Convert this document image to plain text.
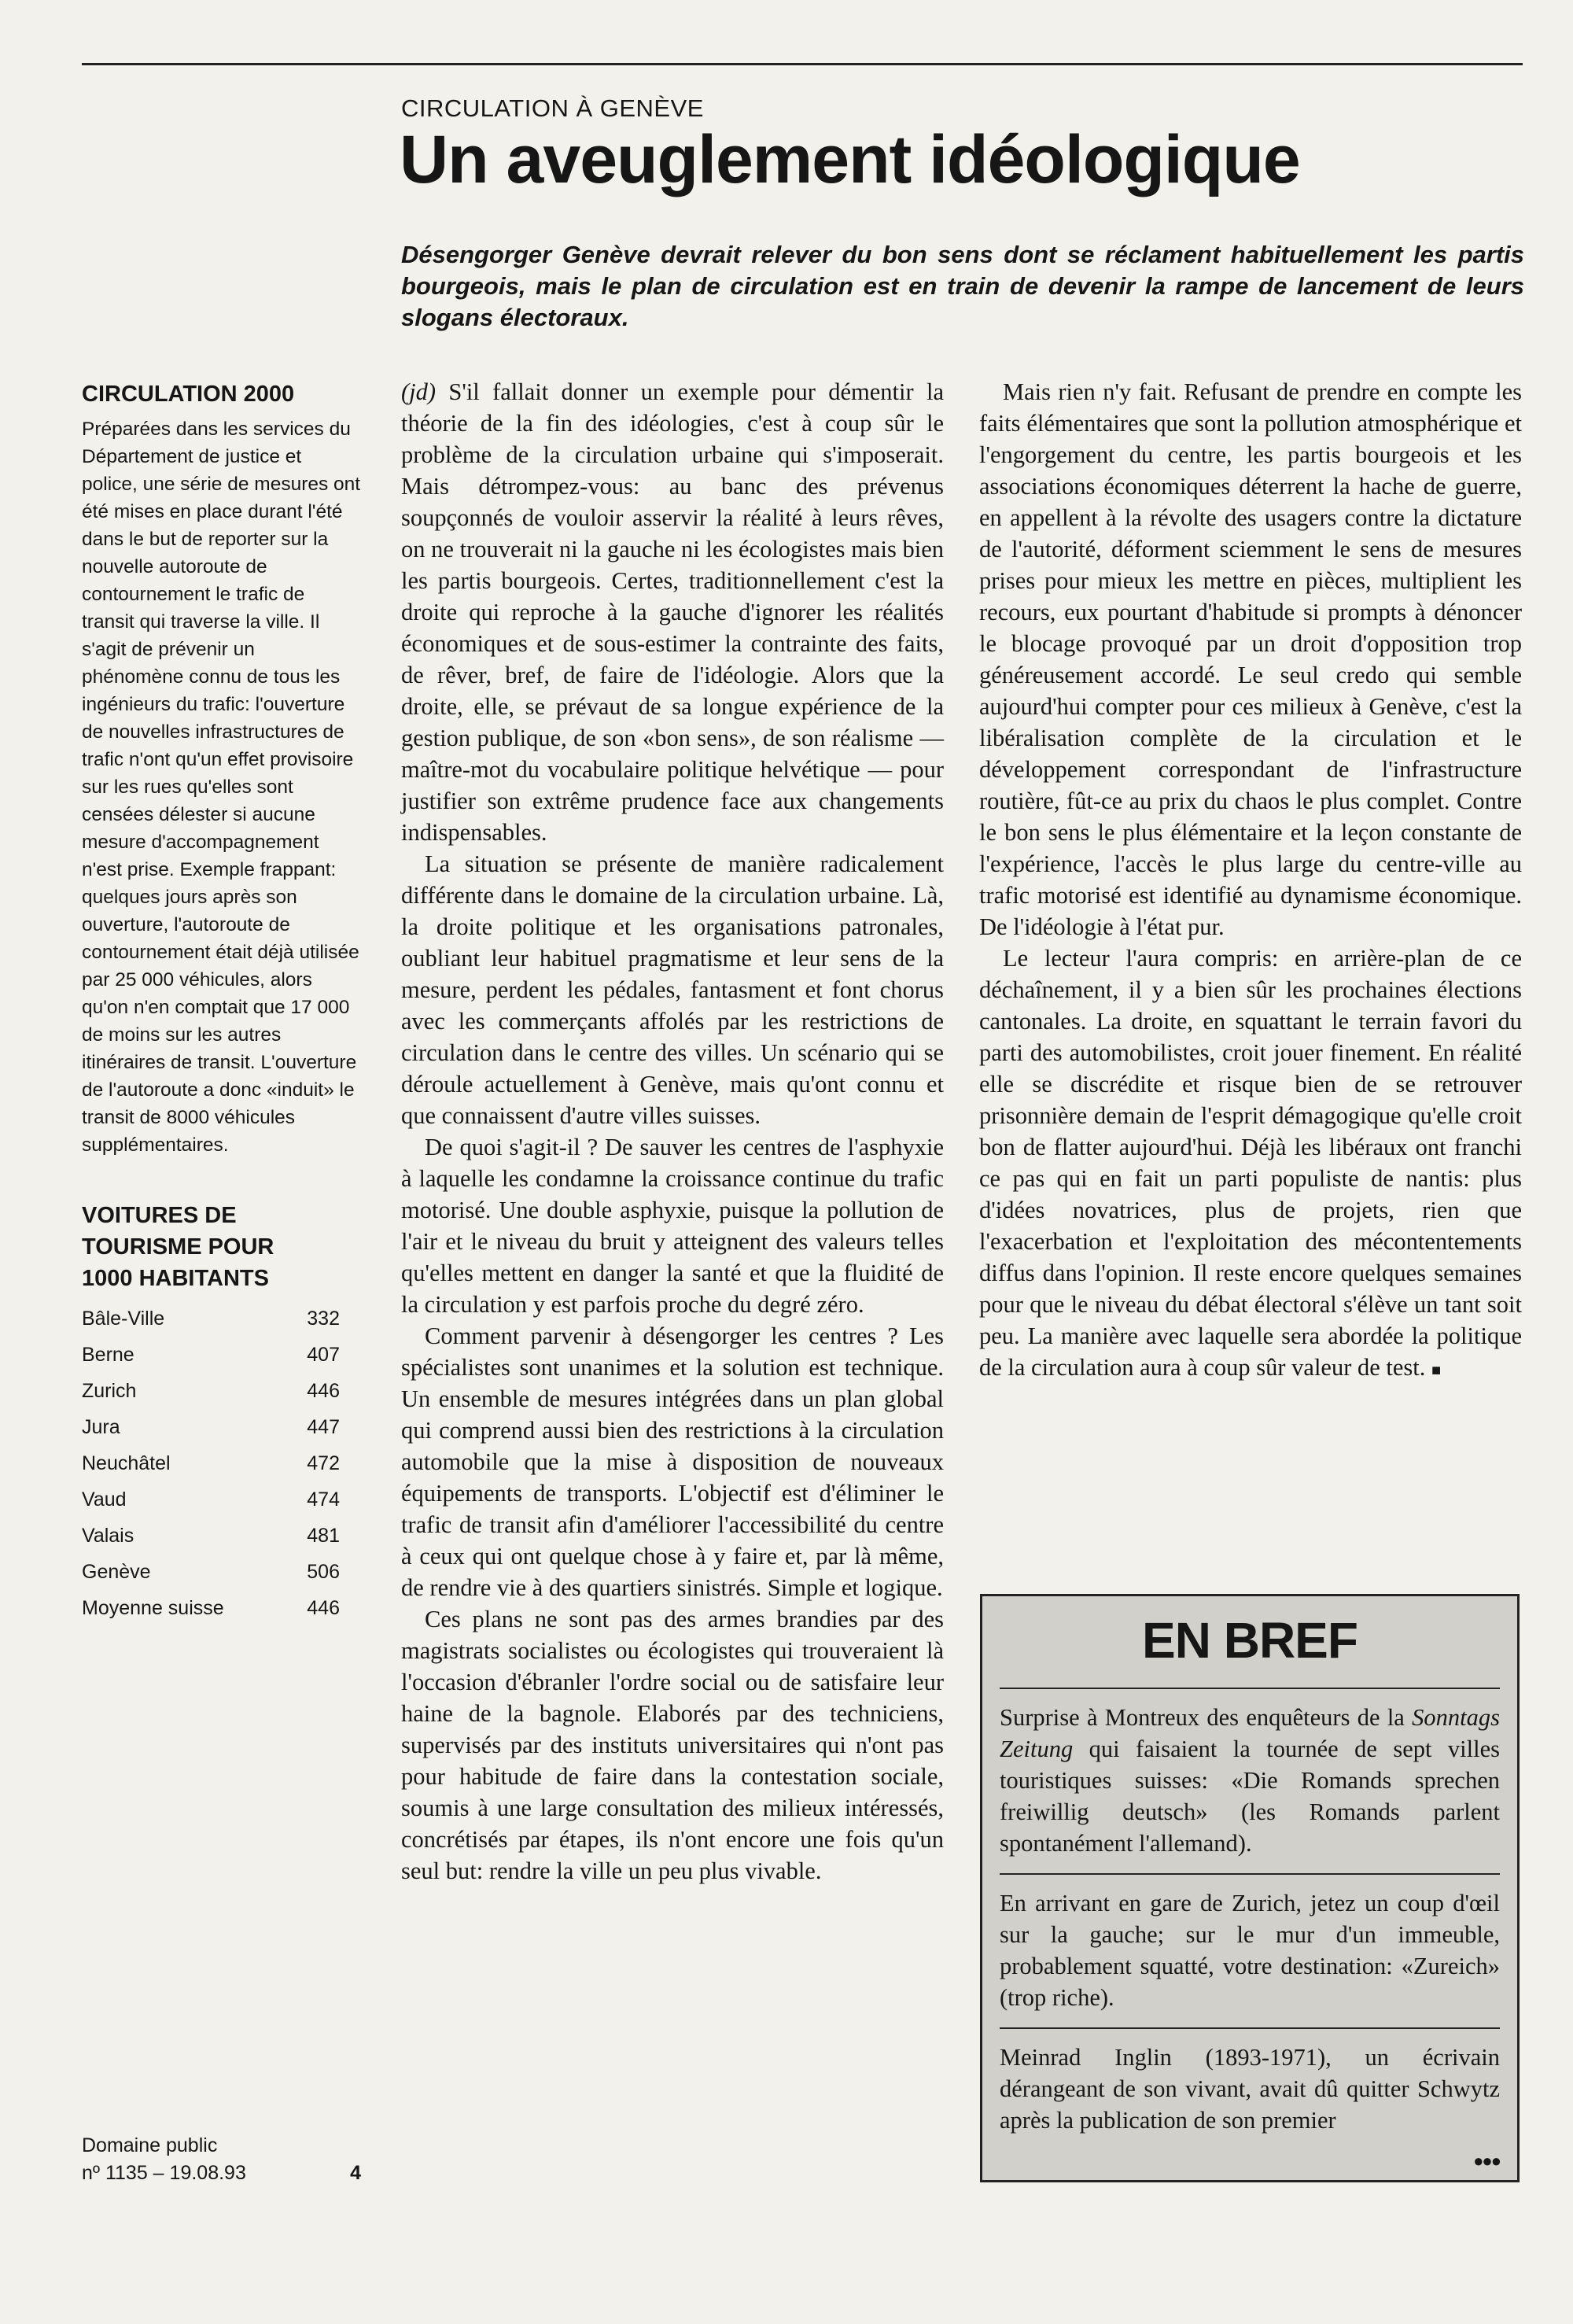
CIRCULATION À GENÈVE
Un aveuglement idéologique

Désengorger Genève devrait relever du bon sens dont se réclament habituellement les partis bourgeois, mais le plan de circulation est en train de devenir la rampe de lancement de leurs slogans électoraux.

CIRCULATION 2000

Préparées dans les services du Département de justice et police, une série de mesures ont été mises en place durant l'été dans le but de reporter sur la nouvelle autoroute de contournement le trafic de transit qui traverse la ville. Il s'agit de prévenir un phénomène connu de tous les ingénieurs du trafic: l'ouverture de nouvelles infrastructures de trafic n'ont qu'un effet provisoire sur les rues qu'elles sont censées délester si aucune mesure d'accompagnement n'est prise. Exemple frappant: quelques jours après son ouverture, l'autoroute de contournement était déjà utilisée par 25 000 véhicules, alors qu'on n'en comptait que 17 000 de moins sur les autres itinéraires de transit. L'ouverture de l'autoroute a donc «induit» le transit de 8000 véhicules supplémentaires.

VOITURES DE TOURISME POUR 1000 HABITANTS
Bâle-Ville	332
Berne	407
Zurich	446
Jura	447
Neuchâtel	472
Vaud	474
Valais	481
Genève	506
Moyenne suisse	446
Domaine public
nº 1135 – 19.08.93	4

(jd) S'il fallait donner un exemple pour démentir la théorie de la fin des idéologies, c'est à coup sûr le problème de la circulation urbaine qui s'imposerait. Mais détrompez-vous: au banc des prévenus soupçonnés de vouloir asservir la réalité à leurs rêves, on ne trouverait ni la gauche ni les écologistes mais bien les partis bourgeois. Certes, traditionnellement c'est la droite qui reproche à la gauche d'ignorer les réalités économiques et de sous-estimer la contrainte des faits, de rêver, bref, de faire de l'idéologie. Alors que la droite, elle, se prévaut de sa longue expérience de la gestion publique, de son «bon sens», de son réalisme — maître-mot du vocabulaire politique helvétique — pour justifier son extrême prudence face aux changements indispensables.

La situation se présente de manière radicalement différente dans le domaine de la circulation urbaine. Là, la droite politique et les organisations patronales, oubliant leur habituel pragmatisme et leur sens de la mesure, perdent les pédales, fantasment et font chorus avec les commerçants affolés par les restrictions de circulation dans le centre des villes. Un scénario qui se déroule actuellement à Genève, mais qu'ont connu et que connaissent d'autre villes suisses.

De quoi s'agit-il ? De sauver les centres de l'asphyxie à laquelle les condamne la croissance continue du trafic motorisé. Une double asphyxie, puisque la pollution de l'air et le niveau du bruit y atteignent des valeurs telles qu'elles mettent en danger la santé et que la fluidité de la circulation y est parfois proche du degré zéro.

Comment parvenir à désengorger les centres ? Les spécialistes sont unanimes et la solution est technique. Un ensemble de mesures intégrées dans un plan global qui comprend aussi bien des restrictions à la circulation automobile que la mise à disposition de nouveaux équipements de transports. L'objectif est d'éliminer le trafic de transit afin d'améliorer l'accessibilité du centre à ceux qui ont quelque chose à y faire et, par là même, de rendre vie à des quartiers sinistrés. Simple et logique.

Ces plans ne sont pas des armes brandies par des magistrats socialistes ou écologistes qui trouveraient là l'occasion d'ébranler l'ordre social ou de satisfaire leur haine de la bagnole. Elaborés par des techniciens, supervisés par des instituts universitaires qui n'ont pas pour habitude de faire dans la contestation sociale, soumis à une large consultation des milieux intéressés, concrétisés par étapes, ils n'ont encore une fois qu'un seul but: rendre la ville un peu plus vivable.

Mais rien n'y fait. Refusant de prendre en compte les faits élémentaires que sont la pollution atmosphérique et l'engorgement du centre, les partis bourgeois et les associations économiques déterrent la hache de guerre, en appellent à la révolte des usagers contre la dictature de l'autorité, déforment sciemment le sens de mesures prises pour mieux les mettre en pièces, multiplient les recours, eux pourtant d'habitude si prompts à dénoncer le blocage provoqué par un droit d'opposition trop généreusement accordé. Le seul credo qui semble aujourd'hui compter pour ces milieux à Genève, c'est la libéralisation complète de la circulation et le développement correspondant de l'infrastructure routière, fût-ce au prix du chaos le plus complet. Contre le bon sens le plus élémentaire et la leçon constante de l'expérience, l'accès le plus large du centre-ville au trafic motorisé est identifié au dynamisme économique. De l'idéologie à l'état pur.

Le lecteur l'aura compris: en arrière-plan de ce déchaînement, il y a bien sûr les prochaines élections cantonales. La droite, en squattant le terrain favori du parti des automobilistes, croit jouer finement. En réalité elle se discrédite et risque bien de se retrouver prisonnière demain de l'esprit démagogique qu'elle croit bon de flatter aujourd'hui. Déjà les libéraux ont franchi ce pas qui en fait un parti populiste de nantis: plus d'idées novatrices, plus de projets, rien que l'exacerbation et l'exploitation des mécontentements diffus dans l'opinion. Il reste encore quelques semaines pour que le niveau du débat électoral s'élève un tant soit peu. La manière avec laquelle sera abordée la politique de la circulation aura à coup sûr valeur de test. ■

EN BREF

Surprise à Montreux des enquêteurs de la Sonntags Zeitung qui faisaient la tournée de sept villes touristiques suisses: «Die Romands sprechen freiwillig deutsch» (les Romands parlent spontanément l'allemand).

En arrivant en gare de Zurich, jetez un coup d'œil sur la gauche; sur le mur d'un immeuble, probablement squatté, votre destination: «Zureich» (trop riche).

Meinrad Inglin (1893-1971), un écrivain dérangeant de son vivant, avait dû quitter Schwytz après la publication de son premier

●●●
